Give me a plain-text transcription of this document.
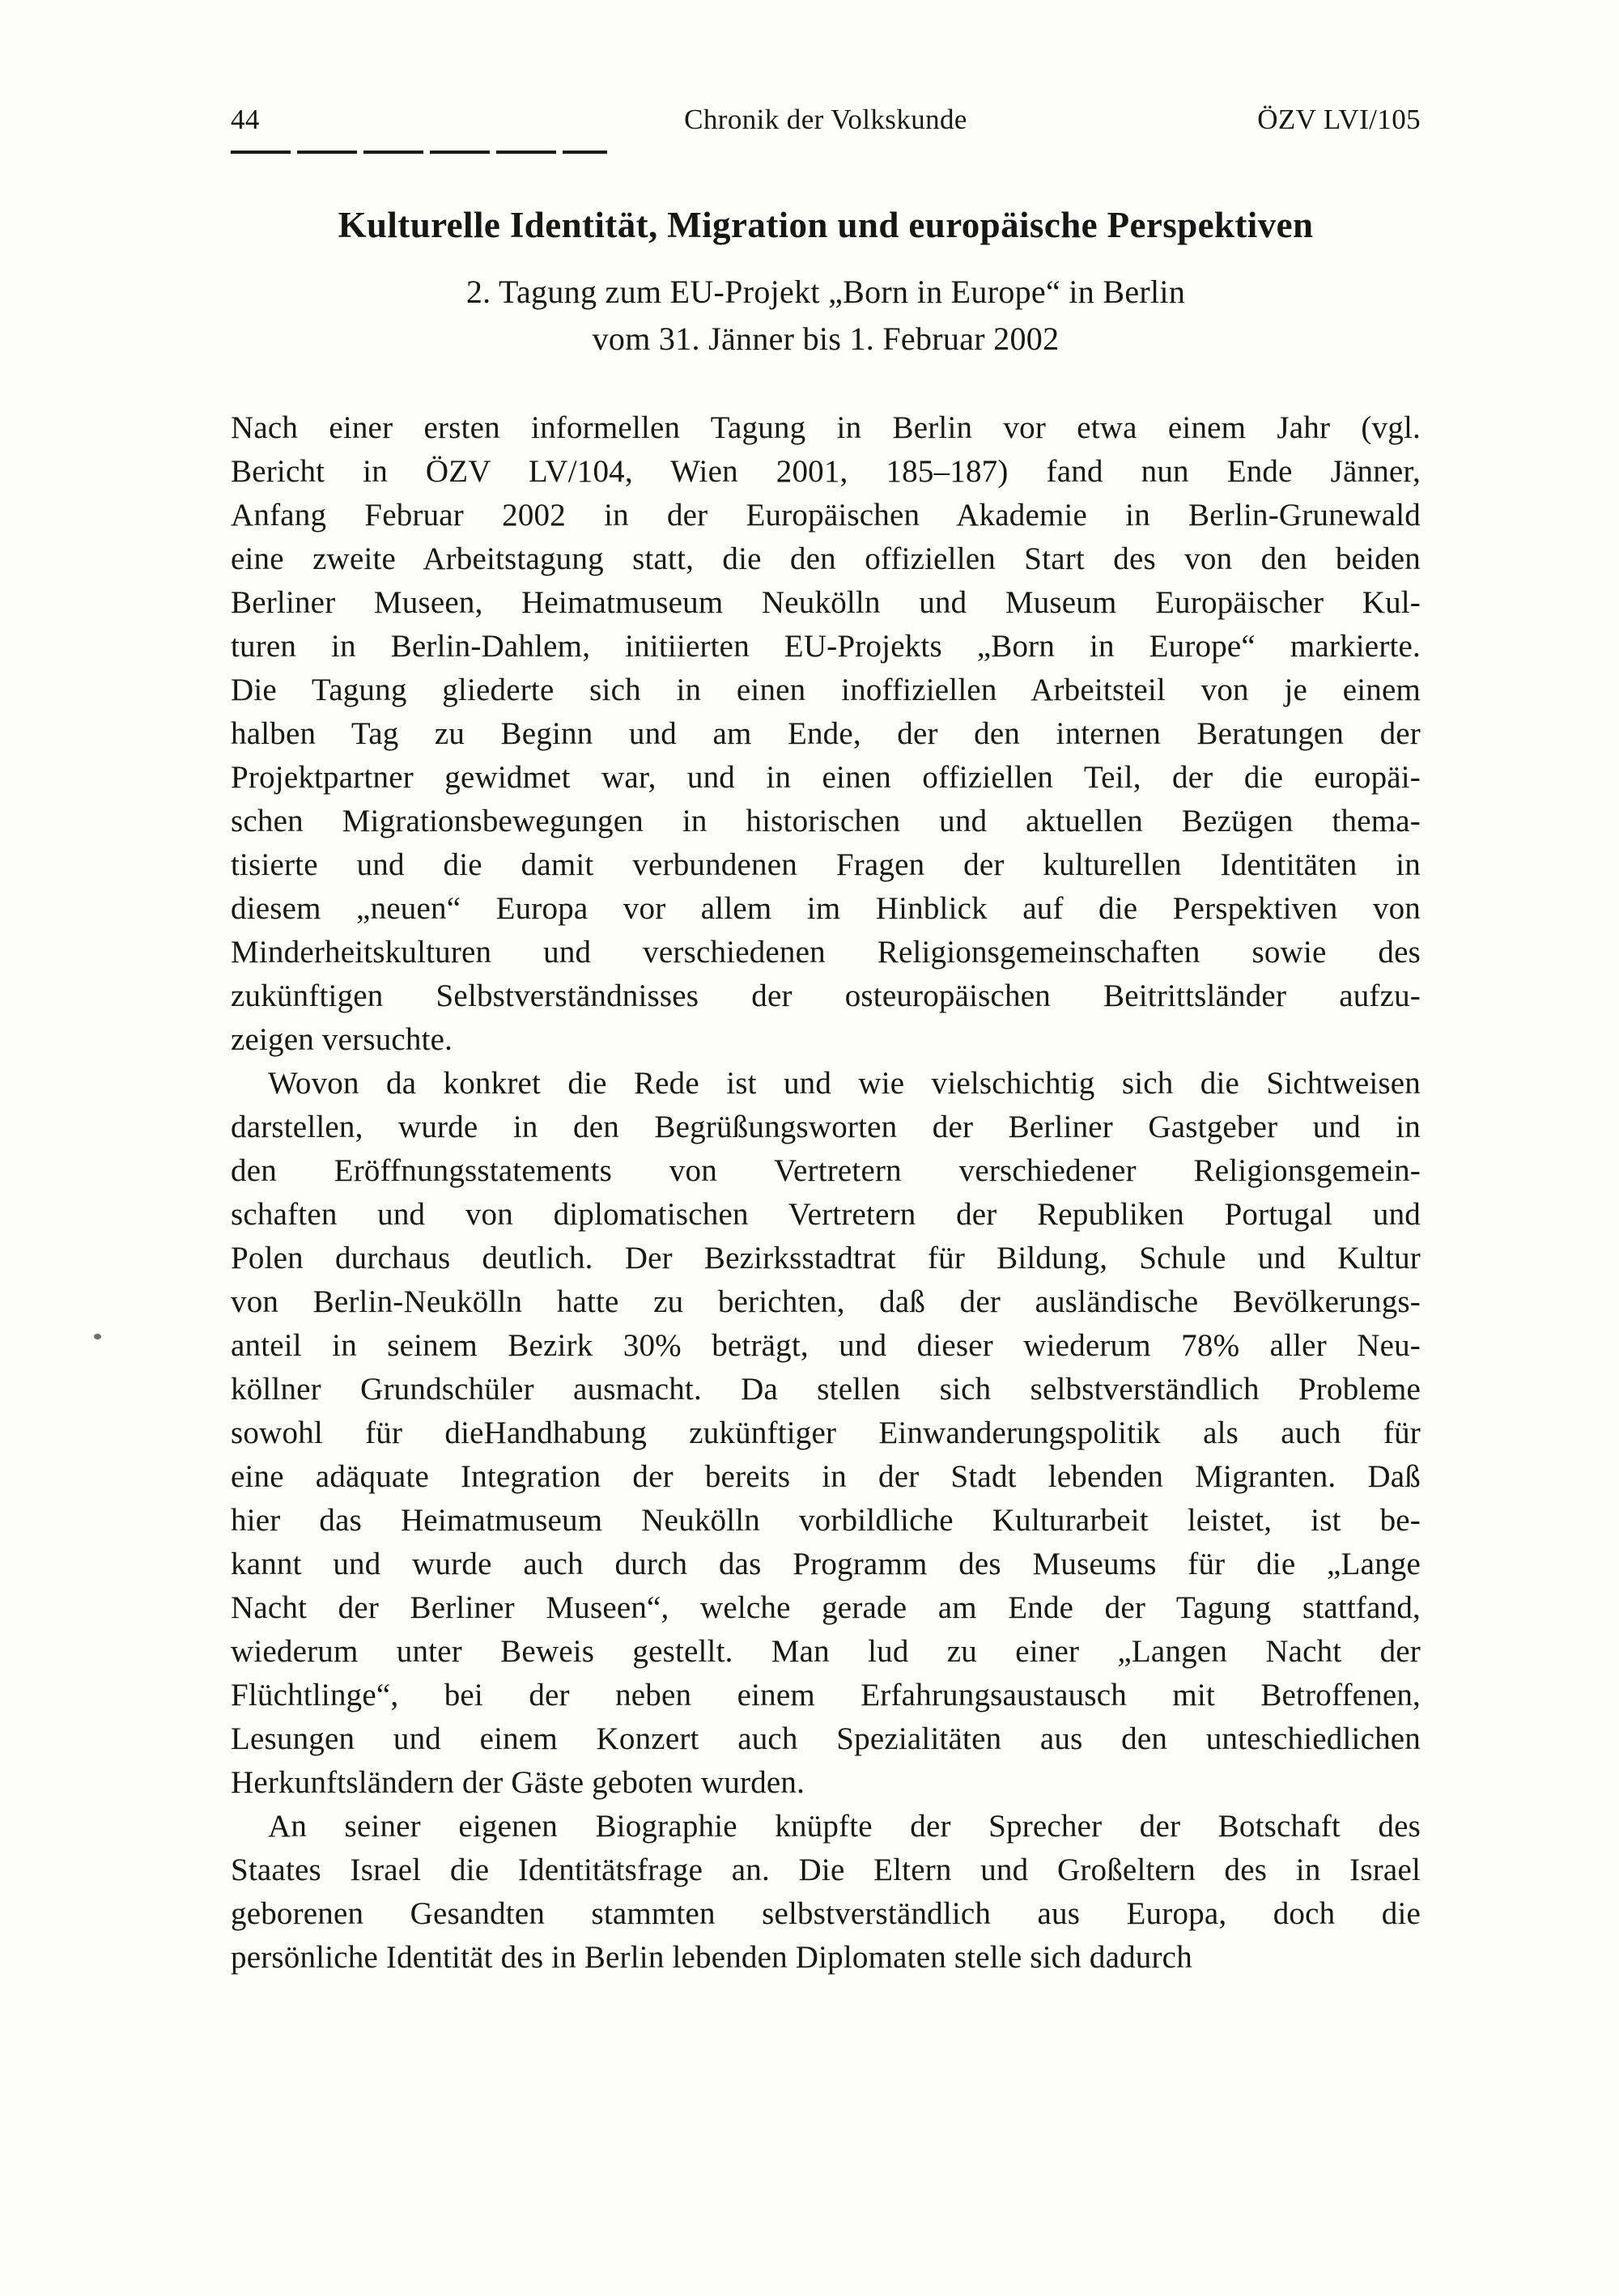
44	Chronik der Volkskunde	ÖZV LVI/105
Kulturelle Identität, Migration und europäische Perspektiven
2. Tagung zum EU-Projekt „Born in Europe“ in Berlin
vom 31. Jänner bis 1. Februar 2002
Nach einer ersten informellen Tagung in Berlin vor etwa einem Jahr (vgl.
Bericht in ÖZV LV/104, Wien 2001, 185–187) fand nun Ende Jänner,
Anfang Februar 2002 in der Europäischen Akademie in Berlin-Grunewald
eine zweite Arbeitstagung statt, die den offiziellen Start des von den beiden
Berliner Museen, Heimatmuseum Neukölln und Museum Europäischer Kul-
turen in Berlin-Dahlem, initiierten EU-Projekts „Born in Europe“ markierte.
Die Tagung gliederte sich in einen inoffiziellen Arbeitsteil von je einem
halben Tag zu Beginn und am Ende, der den internen Beratungen der
Projektpartner gewidmet war, und in einen offiziellen Teil, der die europäi-
schen Migrationsbewegungen in historischen und aktuellen Bezügen thema-
tisierte und die damit verbundenen Fragen der kulturellen Identitäten in
diesem „neuen“ Europa vor allem im Hinblick auf die Perspektiven von
Minderheitskulturen und verschiedenen Religionsgemeinschaften sowie des
zukünftigen Selbstverständnisses der osteuropäischen Beitrittsländer aufzu-
zeigen versuchte.
Wovon da konkret die Rede ist und wie vielschichtig sich die Sichtweisen
darstellen, wurde in den Begrüßungsworten der Berliner Gastgeber und in
den Eröffnungsstatements von Vertretern verschiedener Religionsgemein-
schaften und von diplomatischen Vertretern der Republiken Portugal und
Polen durchaus deutlich. Der Bezirksstadtrat für Bildung, Schule und Kultur
von Berlin-Neukölln hatte zu berichten, daß der ausländische Bevölkerungs-
anteil in seinem Bezirk 30% beträgt, und dieser wiederum 78% aller Neu-
köllner Grundschüler ausmacht. Da stellen sich selbstverständlich Probleme
sowohl für dieHandhabung zukünftiger Einwanderungspolitik als auch für
eine adäquate Integration der bereits in der Stadt lebenden Migranten. Daß
hier das Heimatmuseum Neukölln vorbildliche Kulturarbeit leistet, ist be-
kannt und wurde auch durch das Programm des Museums für die „Lange
Nacht der Berliner Museen“, welche gerade am Ende der Tagung stattfand,
wiederum unter Beweis gestellt. Man lud zu einer „Langen Nacht der
Flüchtlinge“, bei der neben einem Erfahrungsaustausch mit Betroffenen,
Lesungen und einem Konzert auch Spezialitäten aus den unteschiedlichen
Herkunftsländern der Gäste geboten wurden.
An seiner eigenen Biographie knüpfte der Sprecher der Botschaft des
Staates Israel die Identitätsfrage an. Die Eltern und Großeltern des in Israel
geborenen Gesandten stammten selbstverständlich aus Europa, doch die
persönliche Identität des in Berlin lebenden Diplomaten stelle sich dadurch
